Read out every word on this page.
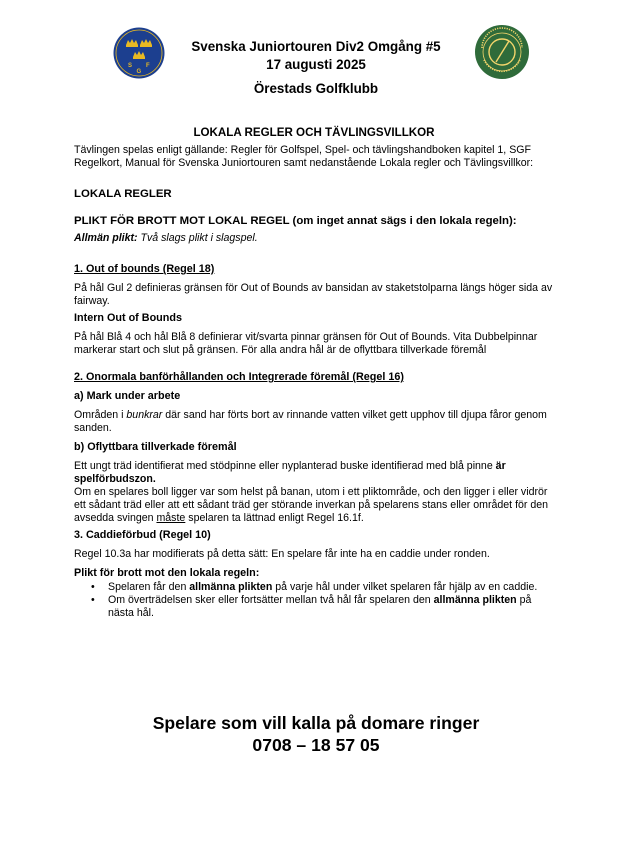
S
G
F

Svenska Juniortouren Div2 Omgång #5

17 augusti 2025

Örestads Golfklubb

LOKALA REGLER OCH TÄVLINGSVILLKOR

Tävlingen spelas enligt gällande: Regler för Golfspel, Spel- och tävlingshandboken kapitel 1, SGF Regelkort, Manual för Svenska Juniortouren samt nedanstående Lokala regler och Tävlingsvillkor:

LOKALA REGLER

PLIKT FÖR BROTT MOT LOKAL REGEL (om inget annat sägs i den lokala regeln):

Allmän plikt: Två slags plikt i slagspel.

1. Out of bounds (Regel 18)

På hål Gul 2 definieras gränsen för Out of Bounds av bansidan av staketstolparna längs höger sida av fairway.

Intern Out of Bounds

På hål Blå 4 och hål Blå 8 definierar vit/svarta pinnar gränsen för Out of Bounds. Vita Dubbelpinnar markerar start och slut på gränsen. För alla andra hål är de oflyttbara tillverkade föremål

2. Onormala banförhållanden och Integrerade föremål (Regel 16)

a) Mark under arbete

Områden i bunkrar där sand har förts bort av rinnande vatten vilket gett upphov till djupa fåror genom sanden.

b) Oflyttbara tillverkade föremål

Ett ungt träd identifierat med stödpinne eller nyplanterad buske identifierad med blå pinne är spelförbudszon.

Om en spelares boll ligger var som helst på banan, utom i ett pliktområde, och den ligger i eller vidrör ett sådant träd eller att ett sådant träd ger störande inverkan på spelarens stans eller området för den avsedda svingen måste spelaren ta lättnad enligt Regel 16.1f.

3. Caddieförbud (Regel 10)

Regel 10.3a har modifierats på detta sätt: En spelare får inte ha en caddie under ronden.

Plikt för brott mot den lokala regeln:

• Spelaren får den allmänna plikten på varje hål under vilket spelaren får hjälp av en caddie.
• Om överträdelsen sker eller fortsätter mellan två hål får spelaren den allmänna plikten på nästa hål.

Spelare som vill kalla på domare ringer

0708 – 18 57 05
